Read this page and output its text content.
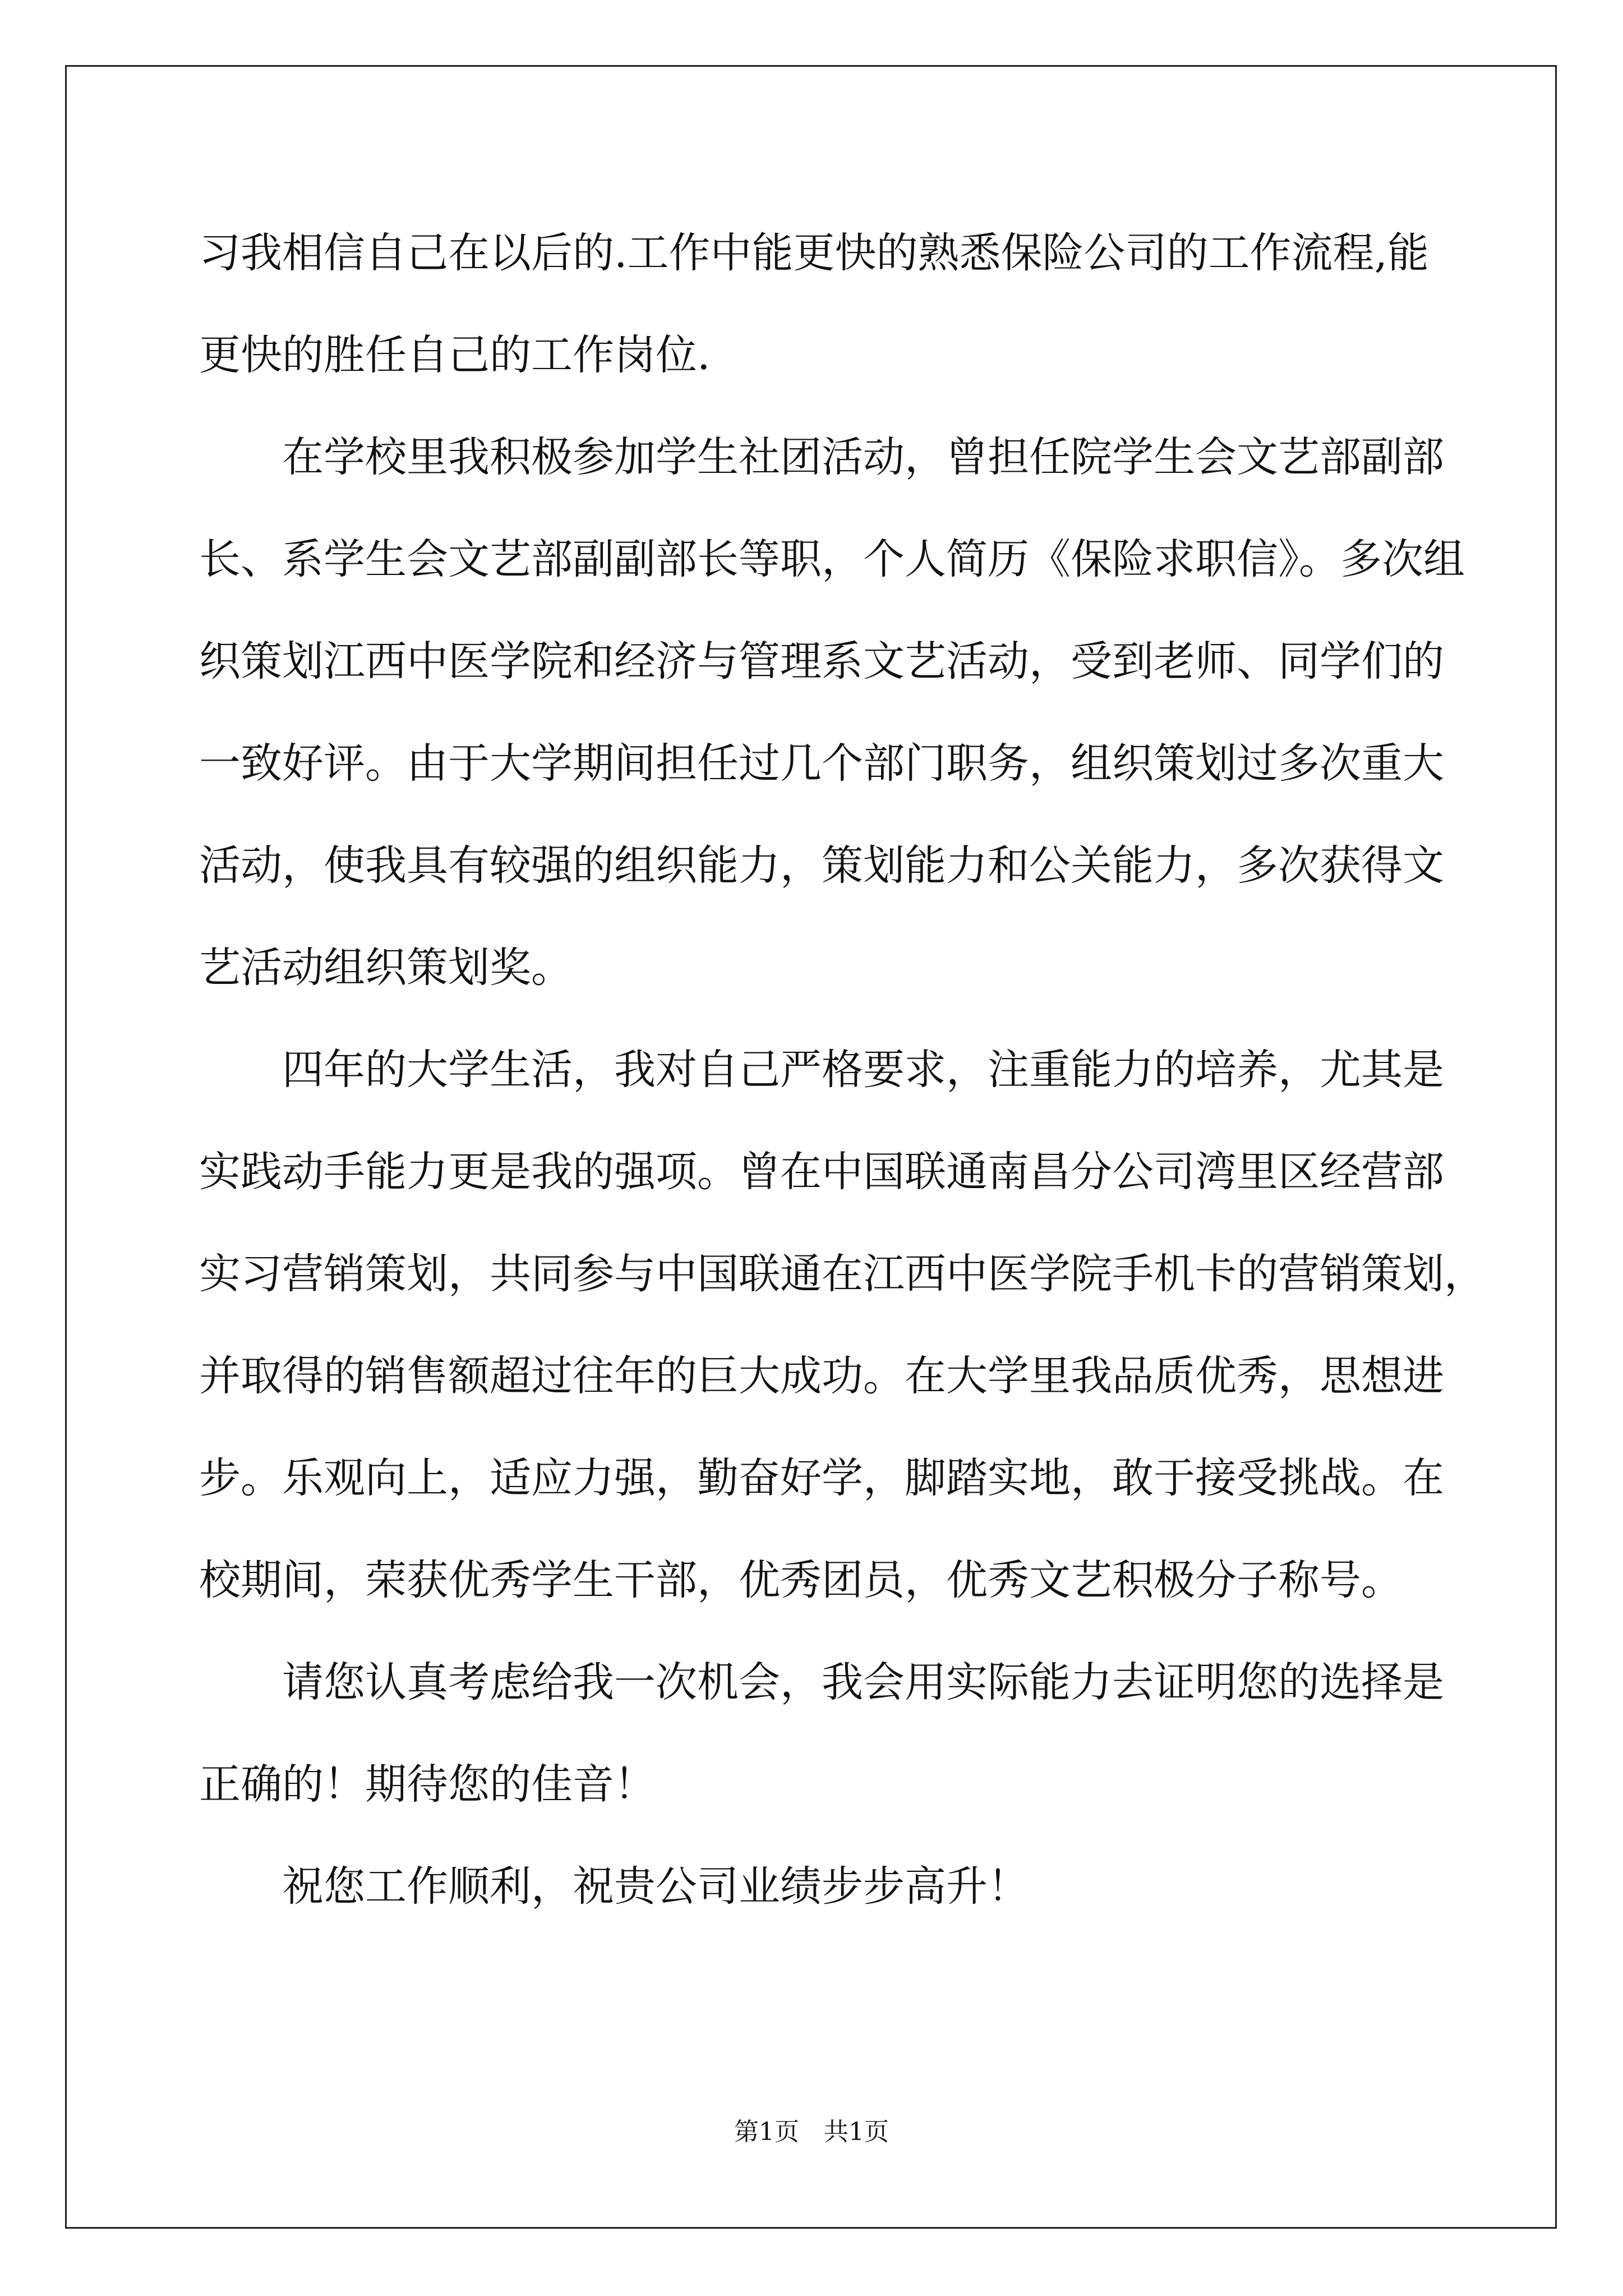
习我相信自己在以后的.工作中能更快的熟悉保险公司的工作流程,能
更快的胜任自己的工作岗位.
在学校里我积极参加学生社团活动，曾担任院学生会文艺部副部
长、系学生会文艺部副副部长等职，个人简历《保险求职信》。多次组
织策划江西中医学院和经济与管理系文艺活动，受到老师、同学们的
一致好评。由于大学期间担任过几个部门职务，组织策划过多次重大
活动，使我具有较强的组织能力，策划能力和公关能力，多次获得文
艺活动组织策划奖。
四年的大学生活，我对自己严格要求，注重能力的培养，尤其是
实践动手能力更是我的强项。曾在中国联通南昌分公司湾里区经营部
实习营销策划，共同参与中国联通在江西中医学院手机卡的营销策划，
并取得的销售额超过往年的巨大成功。在大学里我品质优秀，思想进
步。乐观向上，适应力强，勤奋好学，脚踏实地，敢于接受挑战。在
校期间，荣获优秀学生干部，优秀团员，优秀文艺积极分子称号。
请您认真考虑给我一次机会，我会用实际能力去证明您的选择是
正确的！期待您的佳音！
祝您工作顺利，祝贵公司业绩步步高升！
第1页 共1页
